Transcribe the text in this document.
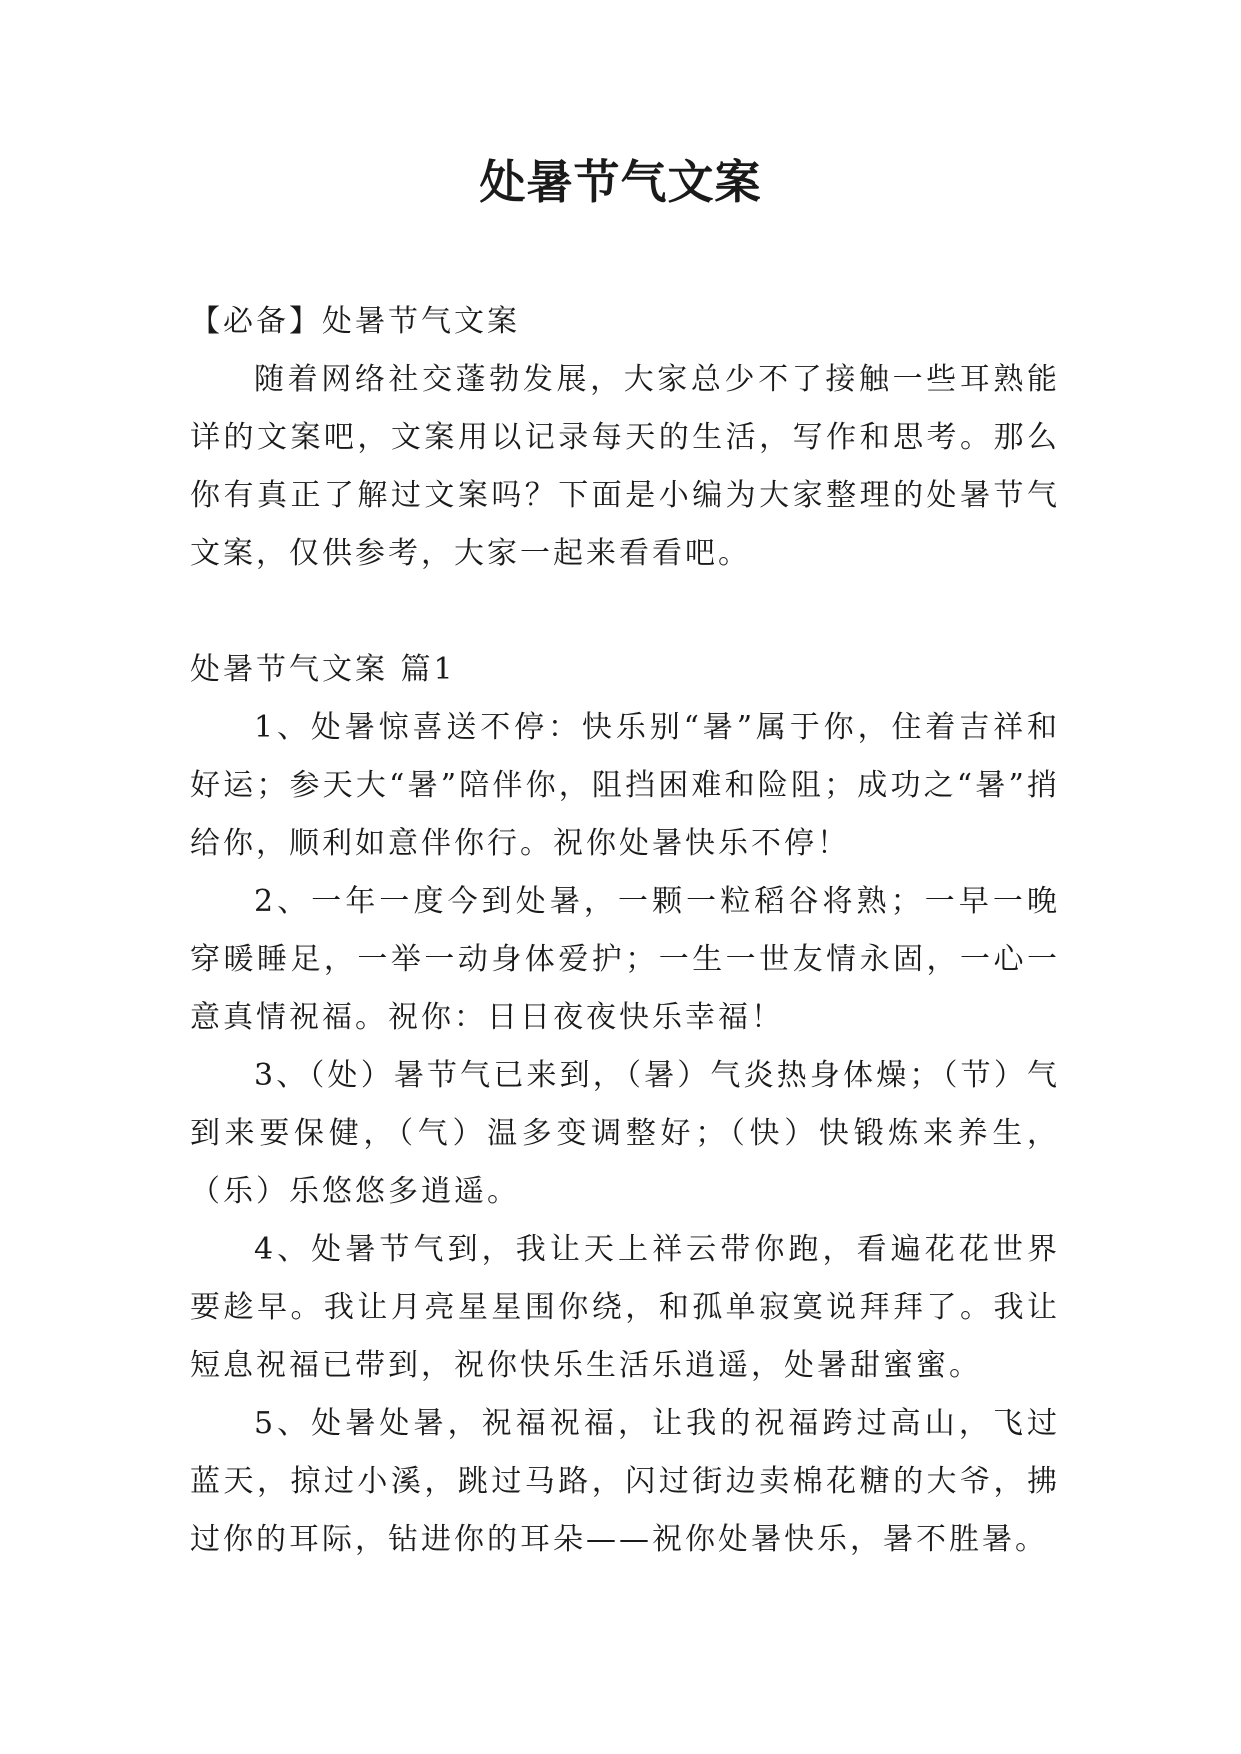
处暑节气文案

【必备】处暑节气文案

随着网络社交蓬勃发展，大家总少不了接触一些耳熟能详的文案吧，文案用以记录每天的生活，写作和思考。那么你有真正了解过文案吗？下面是小编为大家整理的处暑节气文案，仅供参考，大家一起来看看吧。

处暑节气文案 篇1

1、处暑惊喜送不停：快乐别“暑”属于你，住着吉祥和好运；参天大“暑”陪伴你，阻挡困难和险阻；成功之“暑”捎给你，顺利如意伴你行。祝你处暑快乐不停！

2、一年一度今到处暑，一颗一粒稻谷将熟；一早一晚穿暖睡足，一举一动身体爱护；一生一世友情永固，一心一意真情祝福。祝你：日日夜夜快乐幸福！

3、（处）暑节气已来到，（暑）气炎热身体燥；（节）气到来要保健，（气）温多变调整好；（快）快锻炼来养生，（乐）乐悠悠多逍遥。

4、处暑节气到，我让天上祥云带你跑，看遍花花世界要趁早。我让月亮星星围你绕，和孤单寂寞说拜拜了。我让短息祝福已带到，祝你快乐生活乐逍遥，处暑甜蜜蜜。

5、处暑处暑，祝福祝福，让我的祝福跨过高山，飞过蓝天，掠过小溪，跳过马路，闪过街边卖棉花糖的大爷，拂过你的耳际，钻进你的耳朵——祝你处暑快乐，暑不胜暑。
